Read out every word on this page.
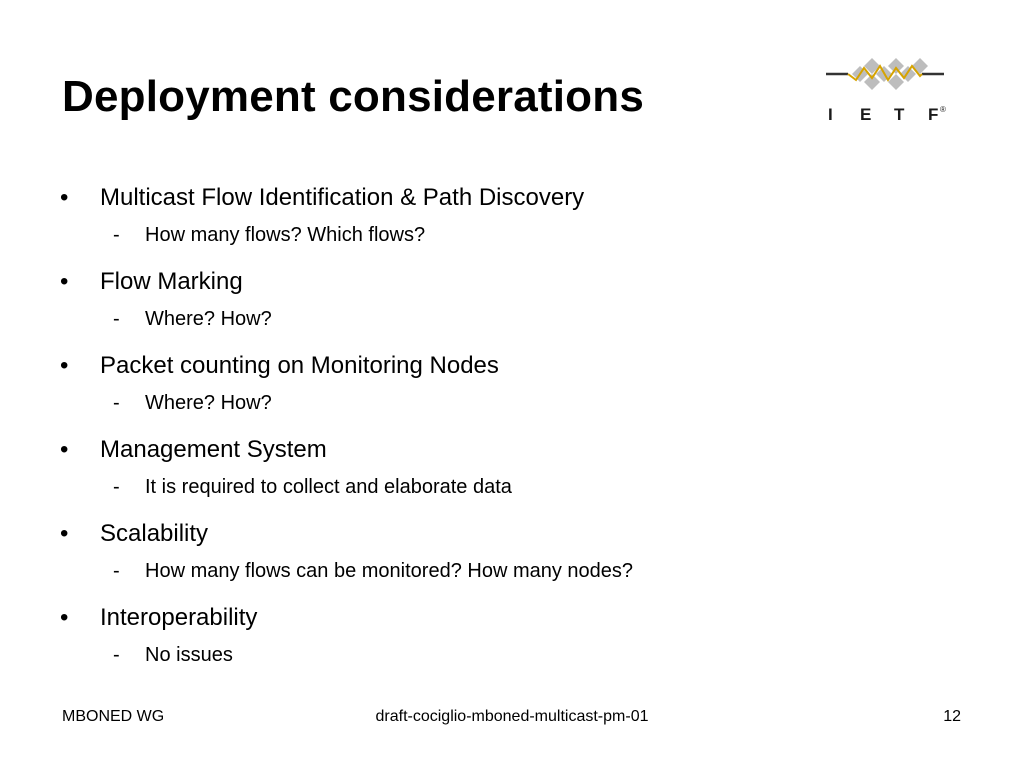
Deployment considerations	I E T F ®
• Multicast Flow Identification & Path Discovery
- How many flows? Which flows?
• Flow Marking
- Where? How?
• Packet counting on Monitoring Nodes
- Where? How?
• Management System
- It is required to collect and elaborate data
• Scalability
- How many flows can be monitored? How many nodes?
• Interoperability
- No issues
MBONED WG	draft-cociglio-mboned-multicast-pm-01	12
